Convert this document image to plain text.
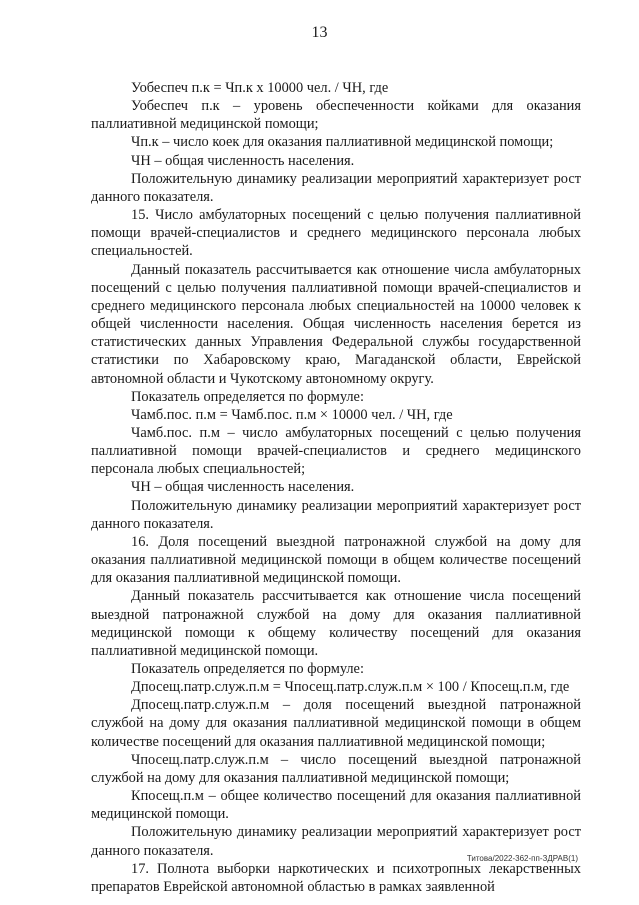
13

Уобеспеч п.к = Чп.к x 10000 чел. / ЧН, где

Уобеспеч п.к – уровень обеспеченности койками для оказания паллиативной медицинской помощи;

Чп.к – число коек для оказания паллиативной медицинской помощи;

ЧН – общая численность населения.

Положительную динамику реализации мероприятий характеризует рост данного показателя.

15. Число амбулаторных посещений с целью получения паллиативной помощи врачей-специалистов и среднего медицинского персонала любых специальностей.

Данный показатель рассчитывается как отношение числа амбулаторных посещений с целью получения паллиативной помощи врачей-специалистов и среднего медицинского персонала любых специальностей на 10000 человек к общей численности населения. Общая численность населения берется из статистических данных Управления Федеральной службы государственной статистики по Хабаровскому краю, Магаданской области, Еврейской автономной области и Чукотскому автономному округу.

Показатель определяется по формуле:

Чамб.пос. п.м = Чамб.пос. п.м × 10000 чел. / ЧН, где

Чамб.пос. п.м – число амбулаторных посещений с целью получения паллиативной помощи врачей-специалистов и среднего медицинского персонала любых специальностей;

ЧН – общая численность населения.

Положительную динамику реализации мероприятий характеризует рост данного показателя.

16. Доля посещений выездной патронажной службой на дому для оказания паллиативной медицинской помощи в общем количестве посещений для оказания паллиативной медицинской помощи.

Данный показатель рассчитывается как отношение числа посещений выездной патронажной службой на дому для оказания паллиативной медицинской помощи к общему количеству посещений для оказания паллиативной медицинской помощи.

Показатель определяется по формуле:

Дпосещ.патр.служ.п.м = Чпосещ.патр.служ.п.м × 100 / Кпосещ.п.м, где

Дпосещ.патр.служ.п.м – доля посещений выездной патронажной службой на дому для оказания паллиативной медицинской помощи в общем количестве посещений для оказания паллиативной медицинской помощи;

Чпосещ.патр.служ.п.м – число посещений выездной патронажной службой на дому для оказания паллиативной медицинской помощи;

Кпосещ.п.м – общее количество посещений для оказания паллиативной медицинской помощи.

Положительную динамику реализации мероприятий характеризует рост данного показателя.

17. Полнота выборки наркотических и психотропных лекарственных препаратов Еврейской автономной областью в рамках заявленной

Титова/2022-362-пп-ЗДРАВ(1)
